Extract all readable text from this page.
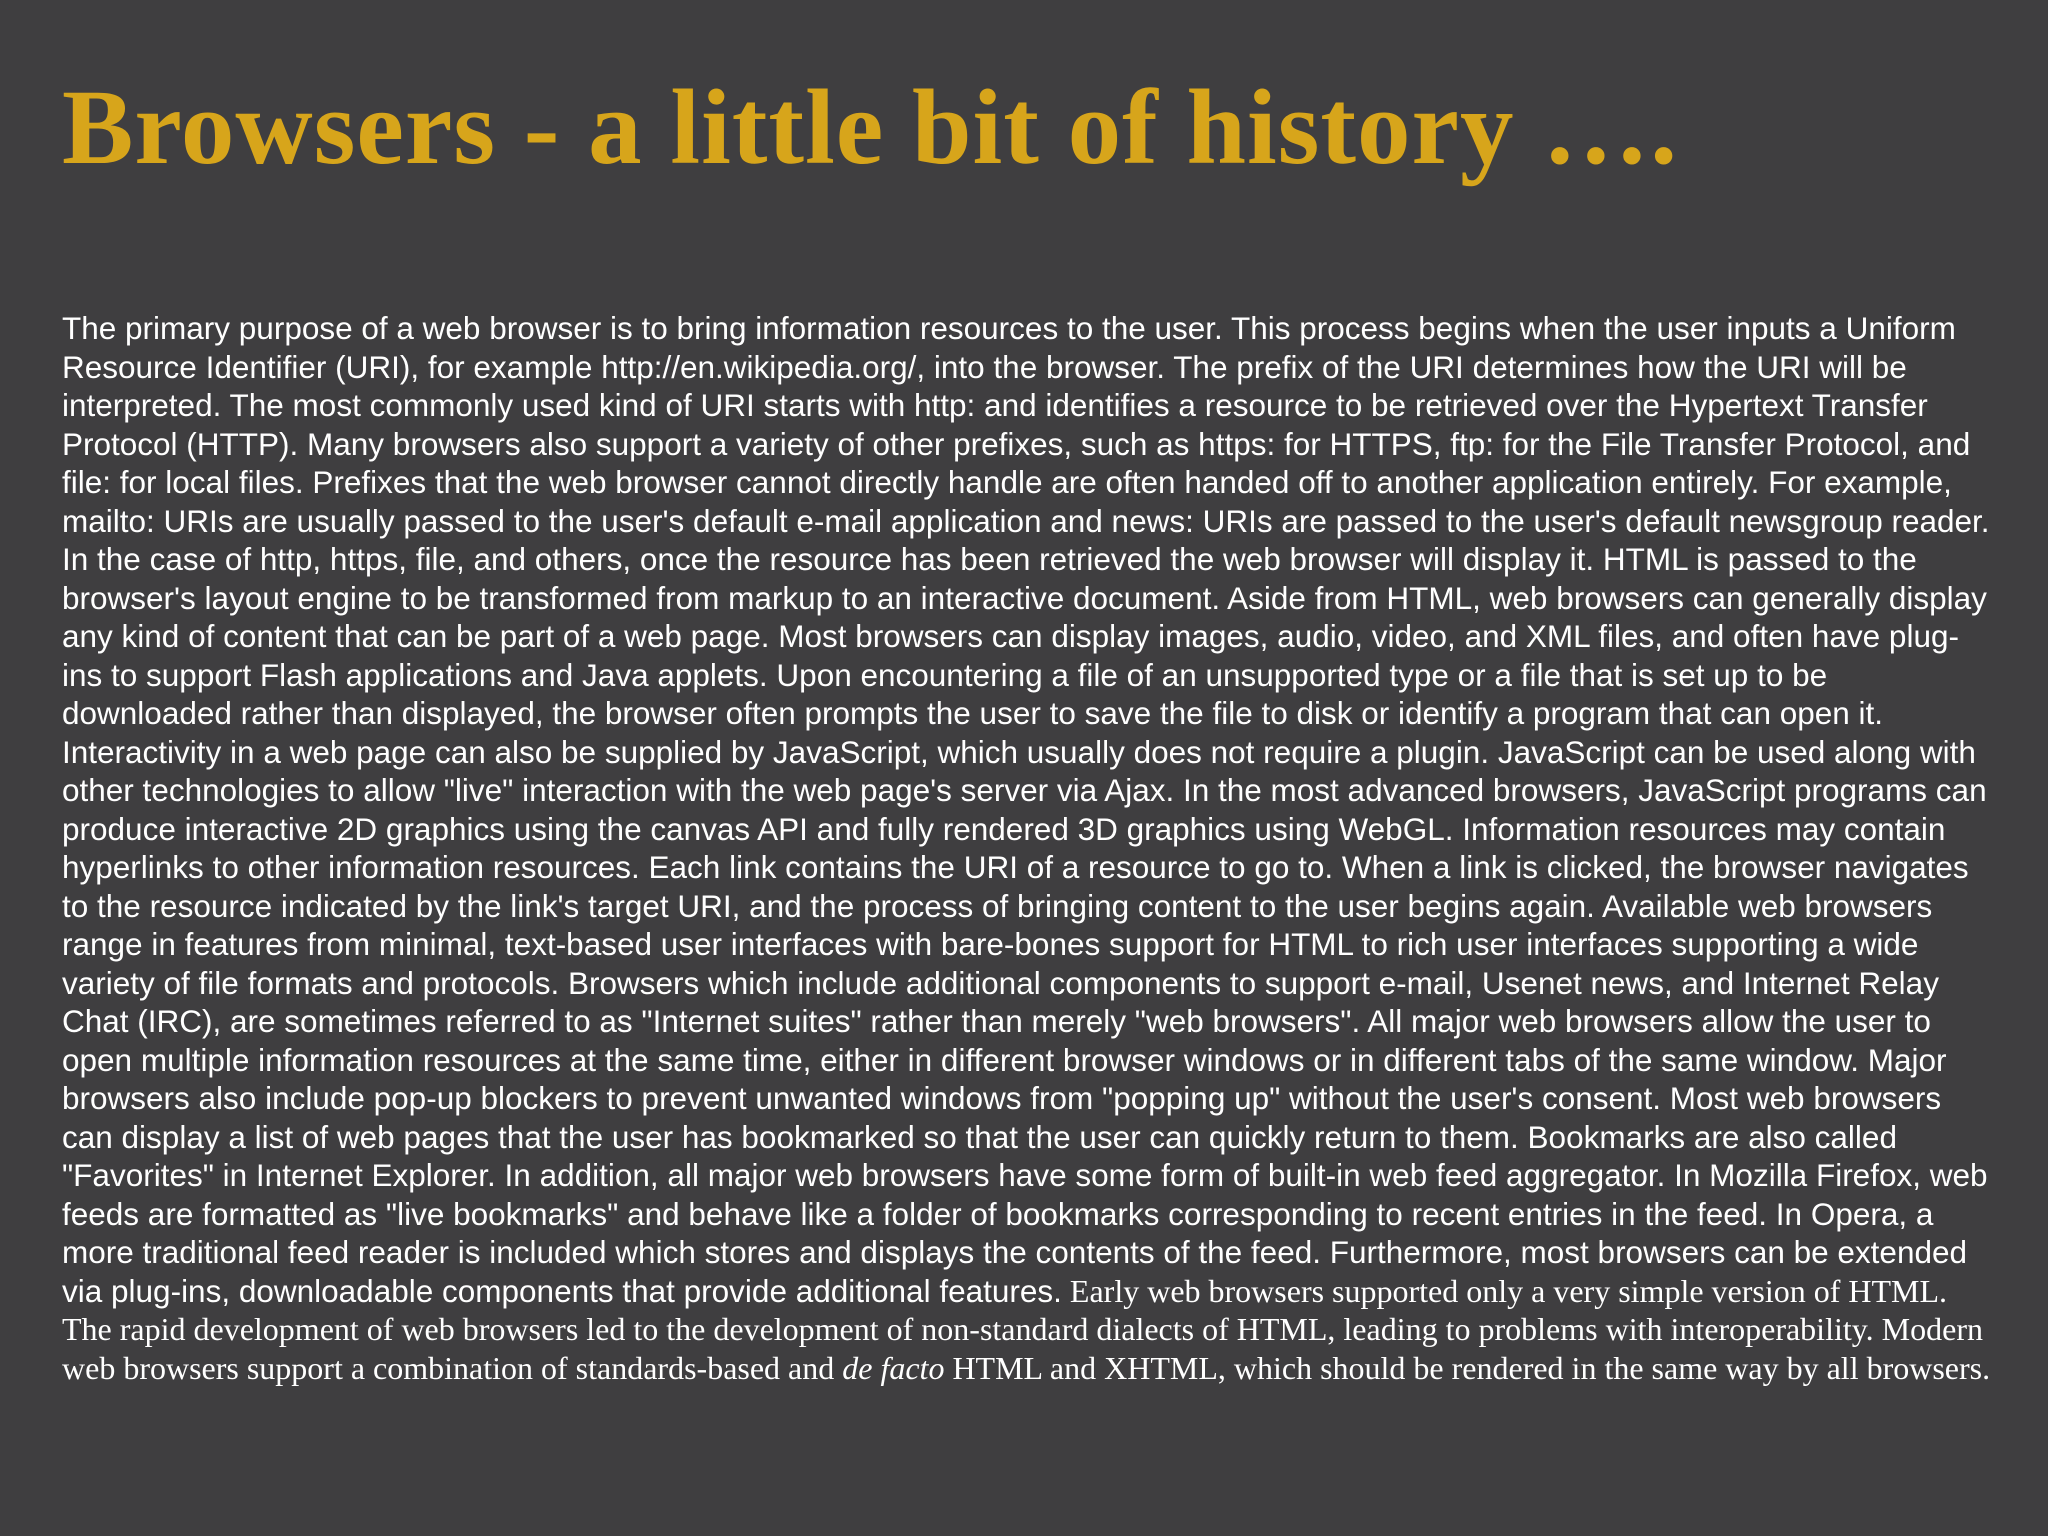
Browsers - a little bit of history ….

The primary purpose of a web browser is to bring information resources to the user. This process begins when the user inputs a Uniform Resource Identifier (URI), for example http://en.wikipedia.org/, into the browser. The prefix of the URI determines how the URI will be interpreted. The most commonly used kind of URI starts with http: and identifies a resource to be retrieved over the Hypertext Transfer Protocol (HTTP). Many browsers also support a variety of other prefixes, such as https: for HTTPS, ftp: for the File Transfer Protocol, and file: for local files. Prefixes that the web browser cannot directly handle are often handed off to another application entirely. For example, mailto: URIs are usually passed to the user's default e-mail application and news: URIs are passed to the user's default newsgroup reader. In the case of http, https, file, and others, once the resource has been retrieved the web browser will display it. HTML is passed to the browser's layout engine to be transformed from markup to an interactive document. Aside from HTML, web browsers can generally display any kind of content that can be part of a web page. Most browsers can display images, audio, video, and XML files, and often have plug-ins to support Flash applications and Java applets. Upon encountering a file of an unsupported type or a file that is set up to be downloaded rather than displayed, the browser often prompts the user to save the file to disk or identify a program that can open it. Interactivity in a web page can also be supplied by JavaScript, which usually does not require a plugin. JavaScript can be used along with other technologies to allow "live" interaction with the web page's server via Ajax. In the most advanced browsers, JavaScript programs can produce interactive 2D graphics using the canvas API and fully rendered 3D graphics using WebGL. Information resources may contain hyperlinks to other information resources. Each link contains the URI of a resource to go to. When a link is clicked, the browser navigates to the resource indicated by the link's target URI, and the process of bringing content to the user begins again. Available web browsers range in features from minimal, text-based user interfaces with bare-bones support for HTML to rich user interfaces supporting a wide variety of file formats and protocols. Browsers which include additional components to support e-mail, Usenet news, and Internet Relay Chat (IRC), are sometimes referred to as "Internet suites" rather than merely "web browsers". All major web browsers allow the user to open multiple information resources at the same time, either in different browser windows or in different tabs of the same window. Major browsers also include pop-up blockers to prevent unwanted windows from "popping up" without the user's consent. Most web browsers can display a list of web pages that the user has bookmarked so that the user can quickly return to them. Bookmarks are also called "Favorites" in Internet Explorer. In addition, all major web browsers have some form of built-in web feed aggregator. In Mozilla Firefox, web feeds are formatted as "live bookmarks" and behave like a folder of bookmarks corresponding to recent entries in the feed. In Opera, a more traditional feed reader is included which stores and displays the contents of the feed. Furthermore, most browsers can be extended via plug-ins, downloadable components that provide additional features. Early web browsers supported only a very simple version of HTML. The rapid development of web browsers led to the development of non-standard dialects of HTML, leading to problems with interoperability. Modern web browsers support a combination of standards-based and de facto HTML and XHTML, which should be rendered in the same way by all browsers.
